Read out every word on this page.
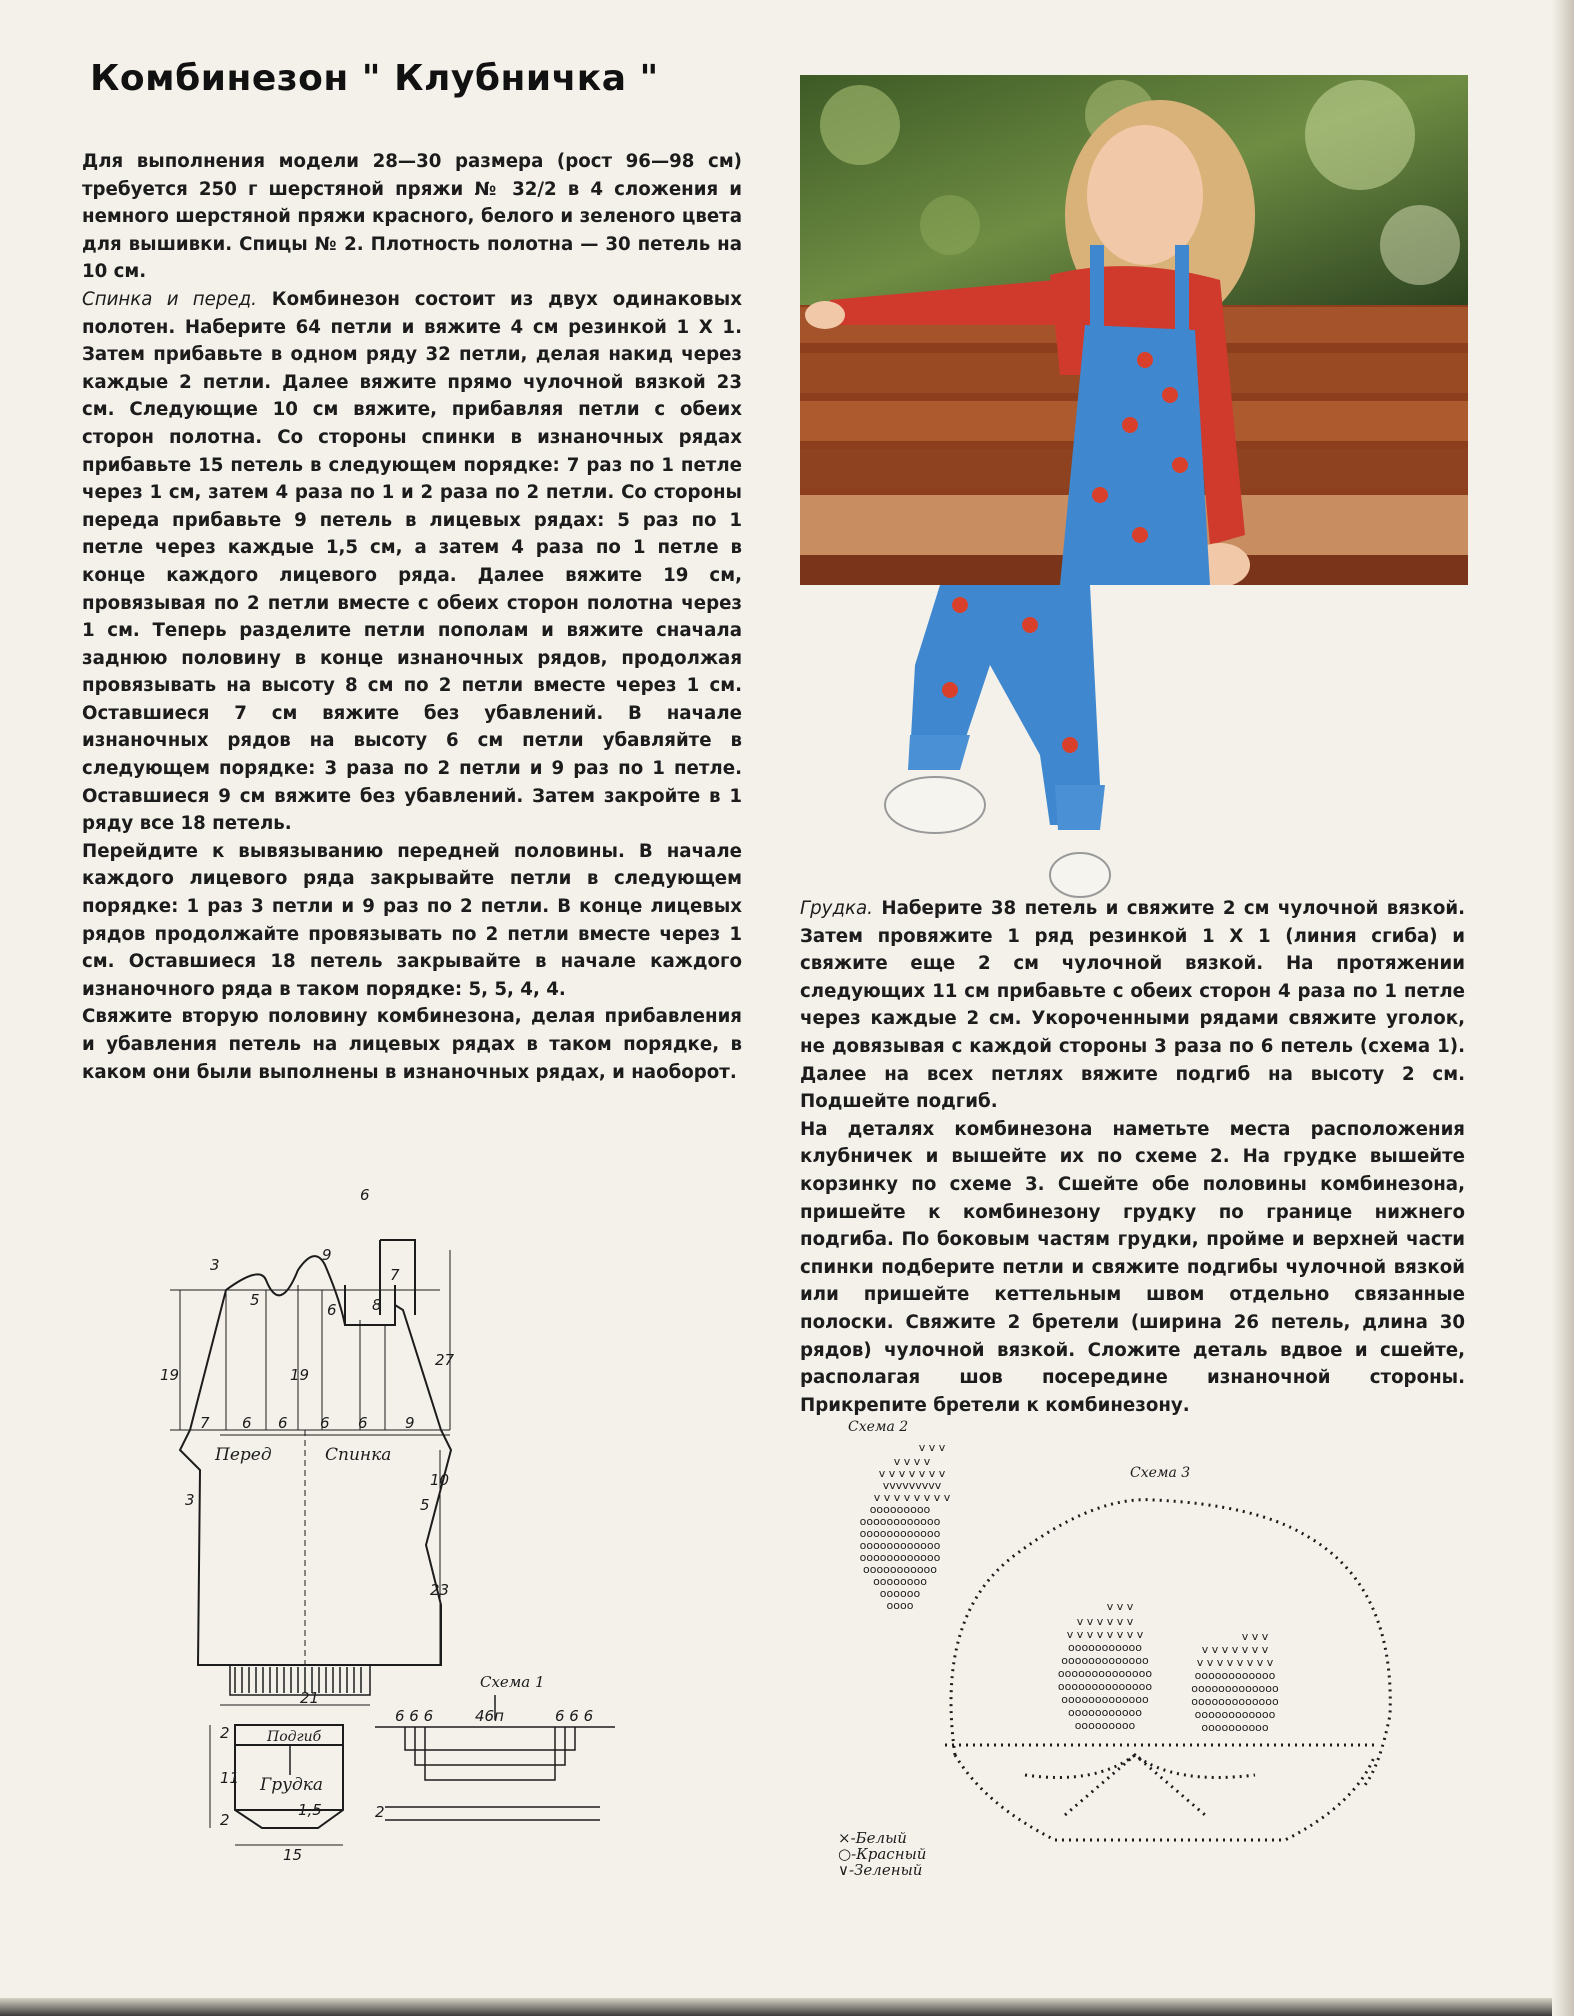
Комбинезон " Клубничка "

Для выполнения модели 28—30 размера (рост 96—98 см) требуется 250 г шерстяной пряжи № 32/2 в 4 сложения и немного шерстяной пряжи красного, белого и зеленого цвета для вышивки. Спицы № 2. Плотность полотна — 30 петель на 10 см.

Спинка и перед. Комбинезон состоит из двух одинаковых полотен. Наберите 64 петли и вяжите 4 см резинкой 1 Х 1. Затем прибавьте в одном ряду 32 петли, делая накид через каждые 2 петли. Далее вяжите прямо чулочной вязкой 23 см. Следующие 10 см вяжите, прибавляя петли с обеих сторон полотна. Со стороны спинки в изнаночных рядах прибавьте 15 петель в следующем порядке: 7 раз по 1 петле через 1 см, затем 4 раза по 1 и 2 раза по 2 петли. Со стороны переда прибавьте 9 петель в лицевых рядах: 5 раз по 1 петле через каждые 1,5 см, а затем 4 раза по 1 петле в конце каждого лицевого ряда. Далее вяжите 19 см, провязывая по 2 петли вместе с обеих сторон полотна через 1 см. Теперь разделите петли пополам и вяжите сначала заднюю половину в конце изнаночных рядов, продолжая провязывать на высоту 8 см по 2 петли вместе через 1 см. Оставшиеся 7 см вяжите без убавлений. В начале изнаночных рядов на высоту 6 см петли убавляйте в следующем порядке: 3 раза по 2 петли и 9 раз по 1 петле. Оставшиеся 9 см вяжите без убавлений. Затем закройте в 1 ряду все 18 петель.

Перейдите к вывязыванию передней половины. В начале каждого лицевого ряда закрывайте петли в следующем порядке: 1 раз 3 петли и 9 раз по 2 петли. В конце лицевых рядов продолжайте провязывать по 2 петли вместе через 1 см. Оставшиеся 18 петель закрывайте в начале каждого изнаночного ряда в таком порядке: 5, 5, 4, 4.

Свяжите вторую половину комбинезона, делая прибавления и убавления петель на лицевых рядах в таком порядке, в каком они были выполнены в изнаночных рядах, и наоборот.

Грудка. Наберите 38 петель и свяжите 2 см чулочной вязкой. Затем провяжите 1 ряд резинкой 1 Х 1 (линия сгиба) и свяжите еще 2 см чулочной вязкой. На протяжении следующих 11 см прибавьте с обеих сторон 4 раза по 1 петле через каждые 2 см. Укороченными рядами свяжите уголок, не довязывая с каждой стороны 3 раза по 6 петель (схема 1). Далее на всех петлях вяжите подгиб на высоту 2 см. Подшейте подгиб.

На деталях комбинезона наметьте места расположения клубничек и вышейте их по схеме 2. На грудке вышейте корзинку по схеме 3. Сшейте обе половины комбинезона, пришейте к комбинезону грудку по границе нижнего подгиба. По боковым частям грудки, пройме и верхней части спинки подберите петли и свяжите подгибы чулочной вязкой или пришейте кеттельным швом отдельно связанные полоски. Свяжите 2 бретели (ширина 26 петель, длина 30 рядов) чулочной вязкой. Сложите деталь вдвое и сшейте, располагая шов посередине изнаночной стороны. Прикрепите бретели к комбинезону.

6
9
7
3
5
6 8
27
19	19
7 6 6 6 6 9
Перед	Спинка
3
10
5
23
21
Подгиб
Грудка
2
11
1,5
2
15
Схема 1
6 6 6	46п	6 6 6
2
Схема 2
v v v
v v v v
v v v v v v v
vvvvvvvvv
v v v v v v v v
ooooooooo
oooooooooooo
oooooooooooo
oooooooooooo
oooooooooooo
ooooooooooo
oooooooo
oooooo
oooo
Схема 3
v v v
v v v v v v
v v v v v v v v
ooooooooooo
ooooooooooooo
oooooooooooooo
oooooooooooooo
ooooooooooooo
ooooooooooo
ooooooooo
v v v
v v v v v v v
v v v v v v v v
oooooooooooo
ooooooooooooo
ooooooooooooo
oooooooooooo
oooooooooo
×-Белый
○-Красный
∨-Зеленый
